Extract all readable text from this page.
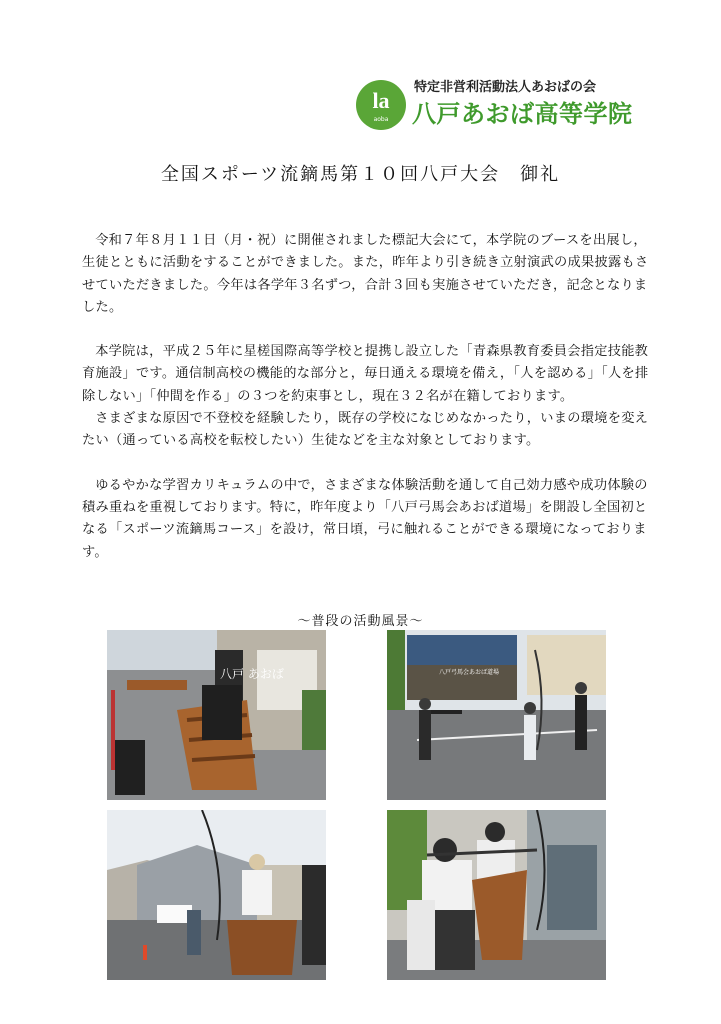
la
aoba
特定非営利活動法人あおばの会
八戸あおば高等学院
全国スポーツ流鏑馬第１０回八戸大会　御礼

令和７年８月１１日（月・祝）に開催されました標記大会にて，本学院のブースを出展し，生徒とともに活動をすることができました。また，昨年より引き続き立射演武の成果披露もさせていただきました。今年は各学年３名ずつ，合計３回も実施させていただき，記念となりました。

本学院は，平成２５年に星槎国際高等学校と提携し設立した「青森県教育委員会指定技能教育施設」です。通信制高校の機能的な部分と，毎日通える環境を備え，「人を認める」「人を排除しない」「仲間を作る」の３つを約束事とし，現在３２名が在籍しております。

さまざまな原因で不登校を経験したり，既存の学校になじめなかったり，いまの環境を変えたい（通っている高校を転校したい）生徒などを主な対象としております。

ゆるやかな学習カリキュラムの中で，さまざまな体験活動を通して自己効力感や成功体験の積み重ねを重視しております。特に，昨年度より「八戸弓馬会あおば道場」を開設し全国初となる「スポーツ流鏑馬コース」を設け，常日頃，弓に触れることができる環境になっております。

～普段の活動風景～
八戸 あおば	八戸弓馬会あおば道場
